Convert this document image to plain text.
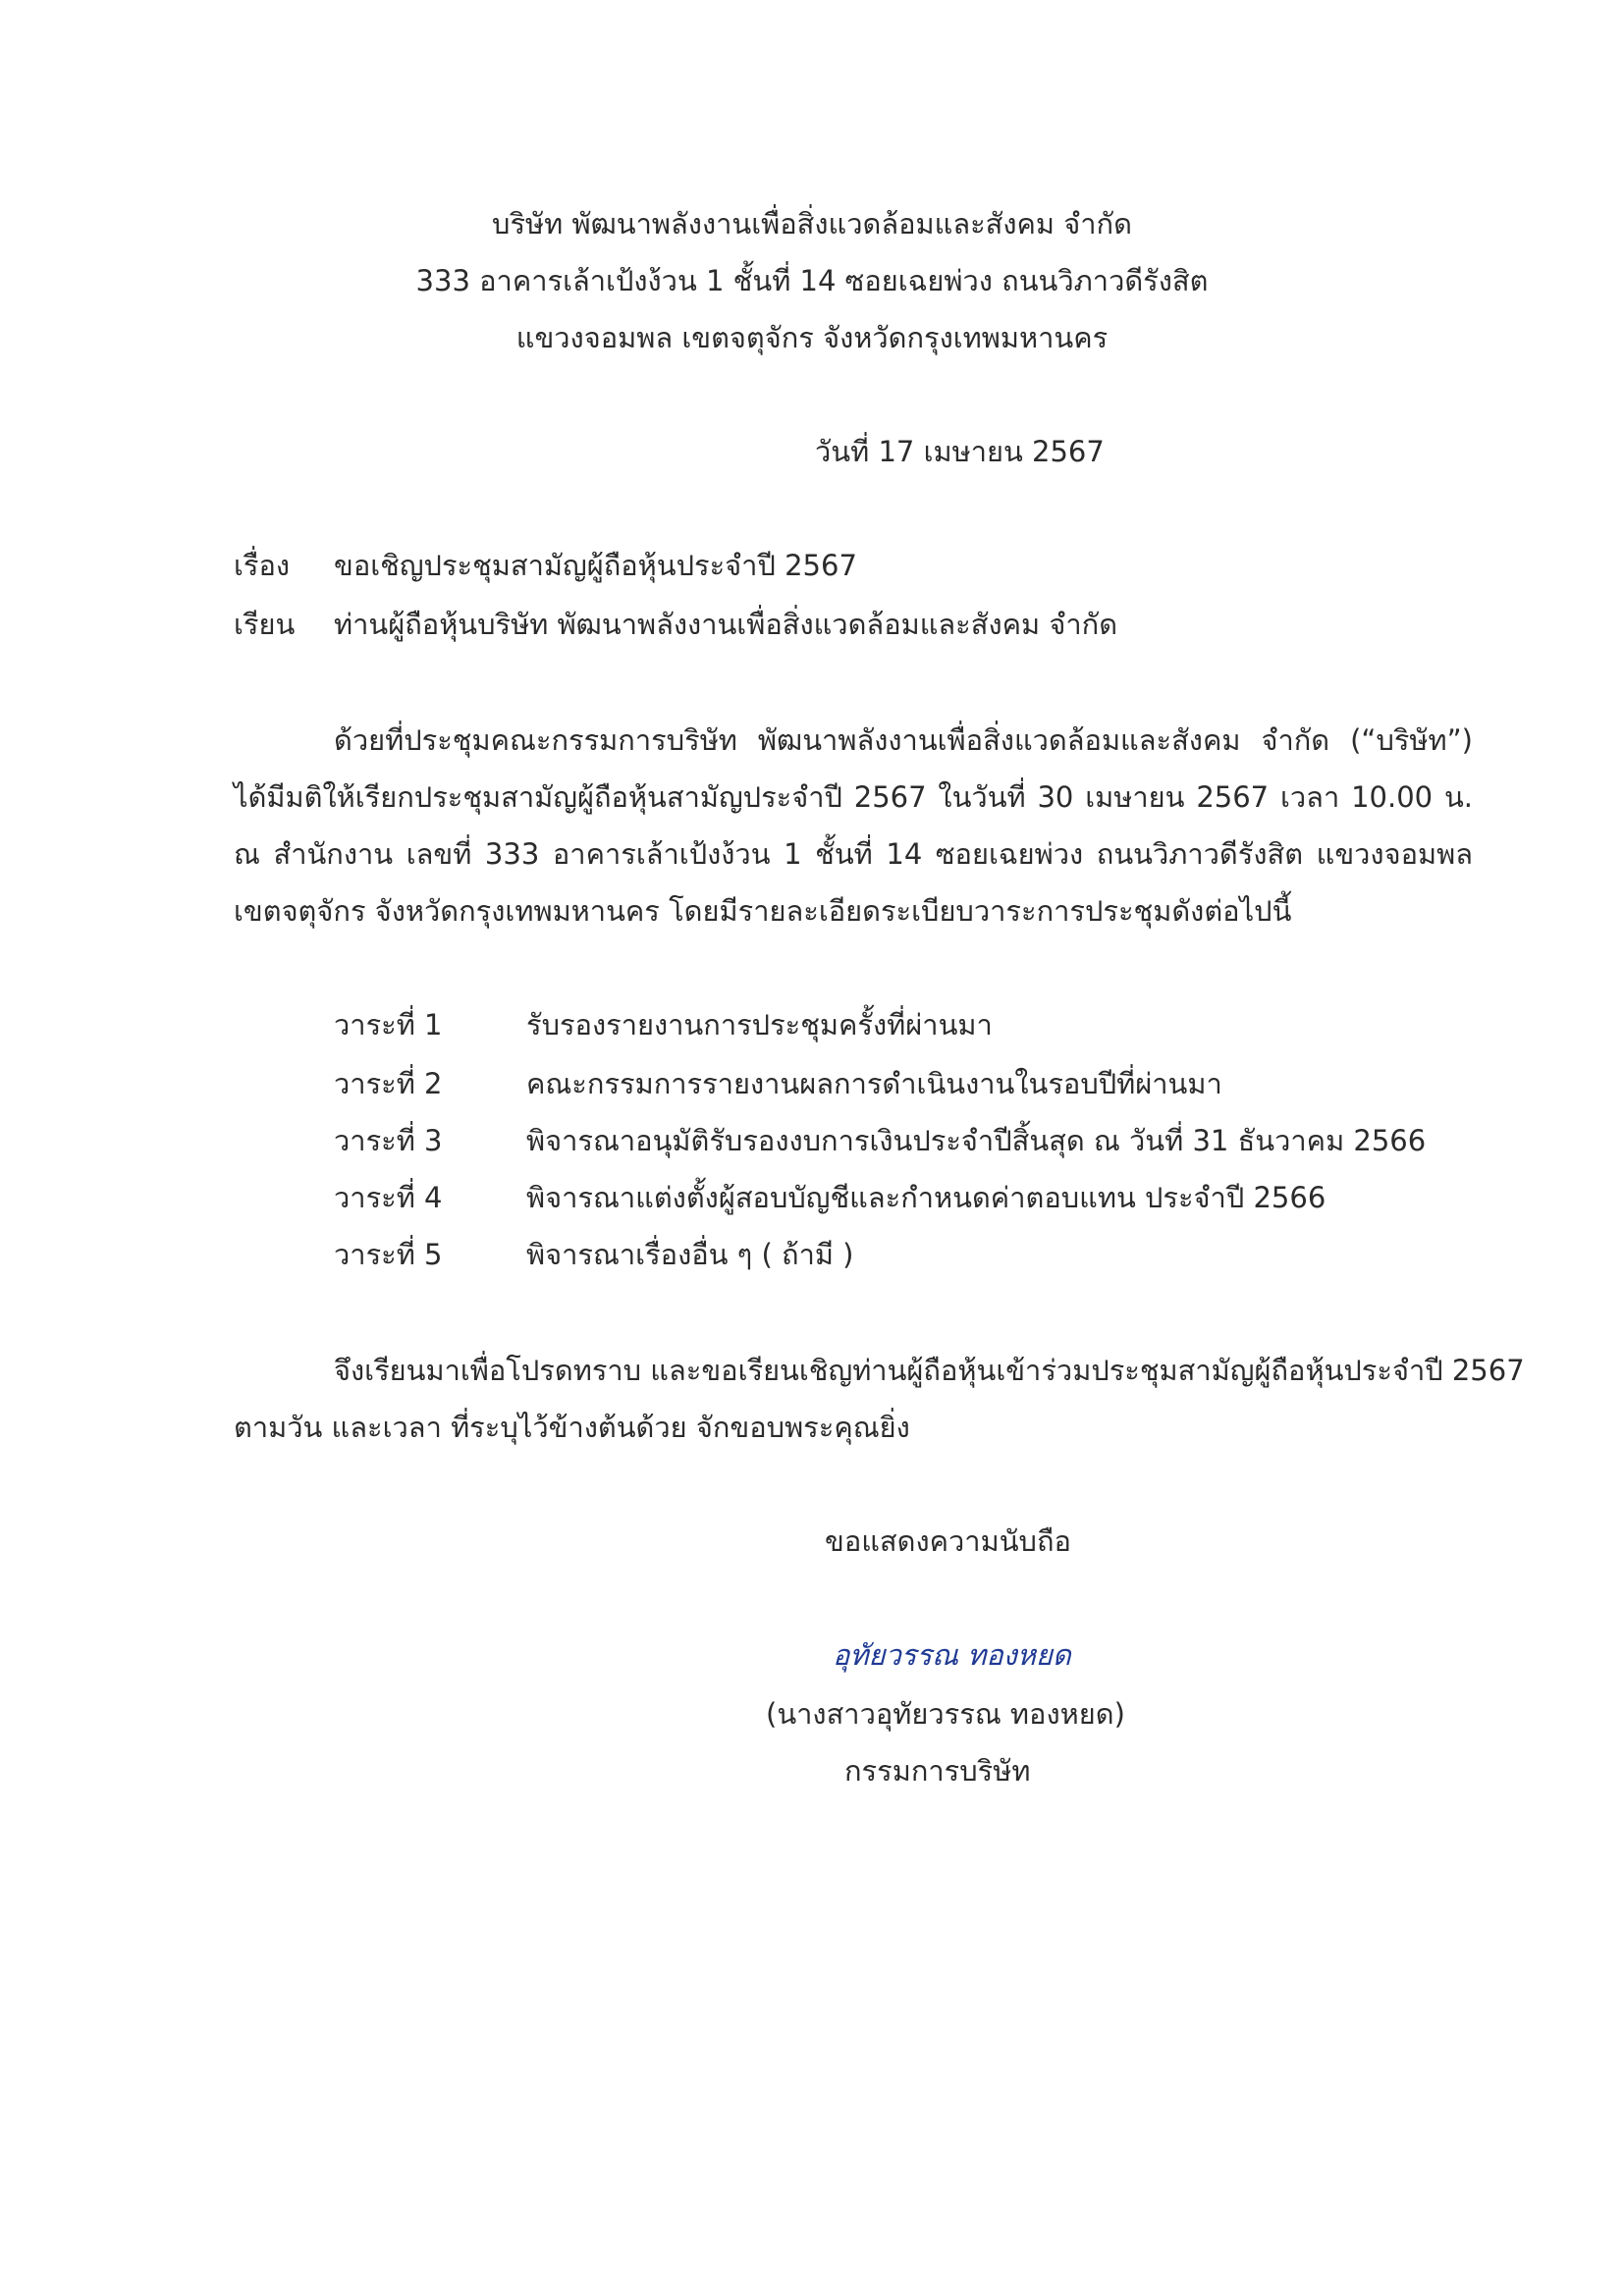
บริษัท พัฒนาพลังงานเพื่อสิ่งแวดล้อมและสังคม จำกัด
333 อาคารเล้าเป้งง้วน 1 ชั้นที่ 14 ซอยเฉยพ่วง ถนนวิภาวดีรังสิต
แขวงจอมพล เขตจตุจักร จังหวัดกรุงเทพมหานคร
วันที่ 17 เมษายน 2567
เรื่อง ขอเชิญประชุมสามัญผู้ถือหุ้นประจำปี 2567
เรียน ท่านผู้ถือหุ้นบริษัท พัฒนาพลังงานเพื่อสิ่งแวดล้อมและสังคม จำกัด
ด้วยที่ประชุมคณะกรรมการบริษัท พัฒนาพลังงานเพื่อสิ่งแวดล้อมและสังคม จำกัด (“บริษัท”)
ได้มีมติให้เรียกประชุมสามัญผู้ถือหุ้นสามัญประจำปี 2567 ในวันที่ 30 เมษายน 2567 เวลา 10.00 น.
ณ สำนักงาน เลขที่ 333 อาคารเล้าเป้งง้วน 1 ชั้นที่ 14 ซอยเฉยพ่วง ถนนวิภาวดีรังสิต แขวงจอมพล
เขตจตุจักร จังหวัดกรุงเทพมหานคร โดยมีรายละเอียดระเบียบวาระการประชุมดังต่อไปนี้
วาระที่ 1	รับรองรายงานการประชุมครั้งที่ผ่านมา
วาระที่ 2	คณะกรรมการรายงานผลการดำเนินงานในรอบปีที่ผ่านมา
วาระที่ 3	พิจารณาอนุมัติรับรองงบการเงินประจำปีสิ้นสุด ณ วันที่ 31 ธันวาคม 2566
วาระที่ 4	พิจารณาแต่งตั้งผู้สอบบัญชีและกำหนดค่าตอบแทน ประจำปี 2566
วาระที่ 5	พิจารณาเรื่องอื่น ๆ ( ถ้ามี )
จึงเรียนมาเพื่อโปรดทราบ และขอเรียนเชิญท่านผู้ถือหุ้นเข้าร่วมประชุมสามัญผู้ถือหุ้นประจำปี 2567
ตามวัน และเวลา ที่ระบุไว้ข้างต้นด้วย จักขอบพระคุณยิ่ง
ขอแสดงความนับถือ
อุทัยวรรณ ทองหยด
(นางสาวอุทัยวรรณ ทองหยด)
กรรมการบริษัท
